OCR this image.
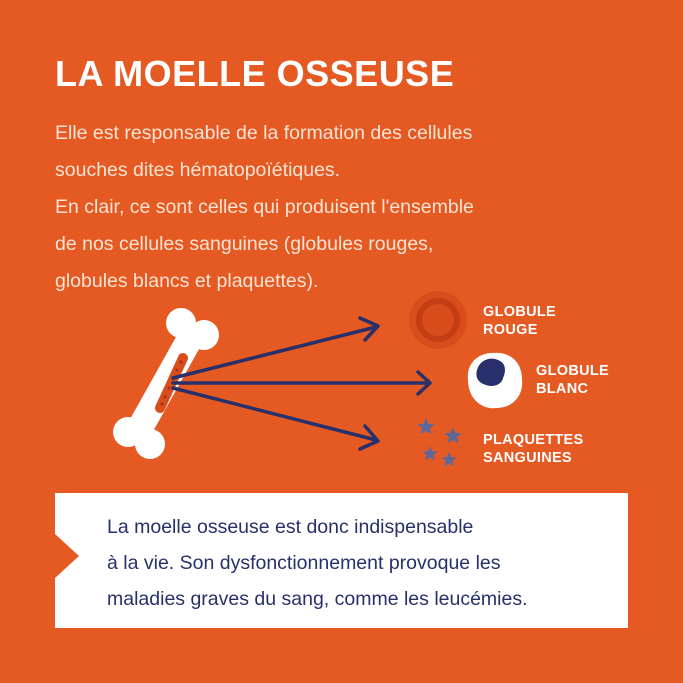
LA MOELLE OSSEUSE
Elle est responsable de la formation des cellules
souches dites hématopoïétiques.
En clair, ce sont celles qui produisent l'ensemble
de nos cellules sanguines (globules rouges,
globules blancs et plaquettes).
GLOBULE
ROUGE
GLOBULE
BLANC
PLAQUETTES
SANGUINES
La moelle osseuse est donc indispensable
à la vie. Son dysfonctionnement provoque les
maladies graves du sang, comme les leucémies.
